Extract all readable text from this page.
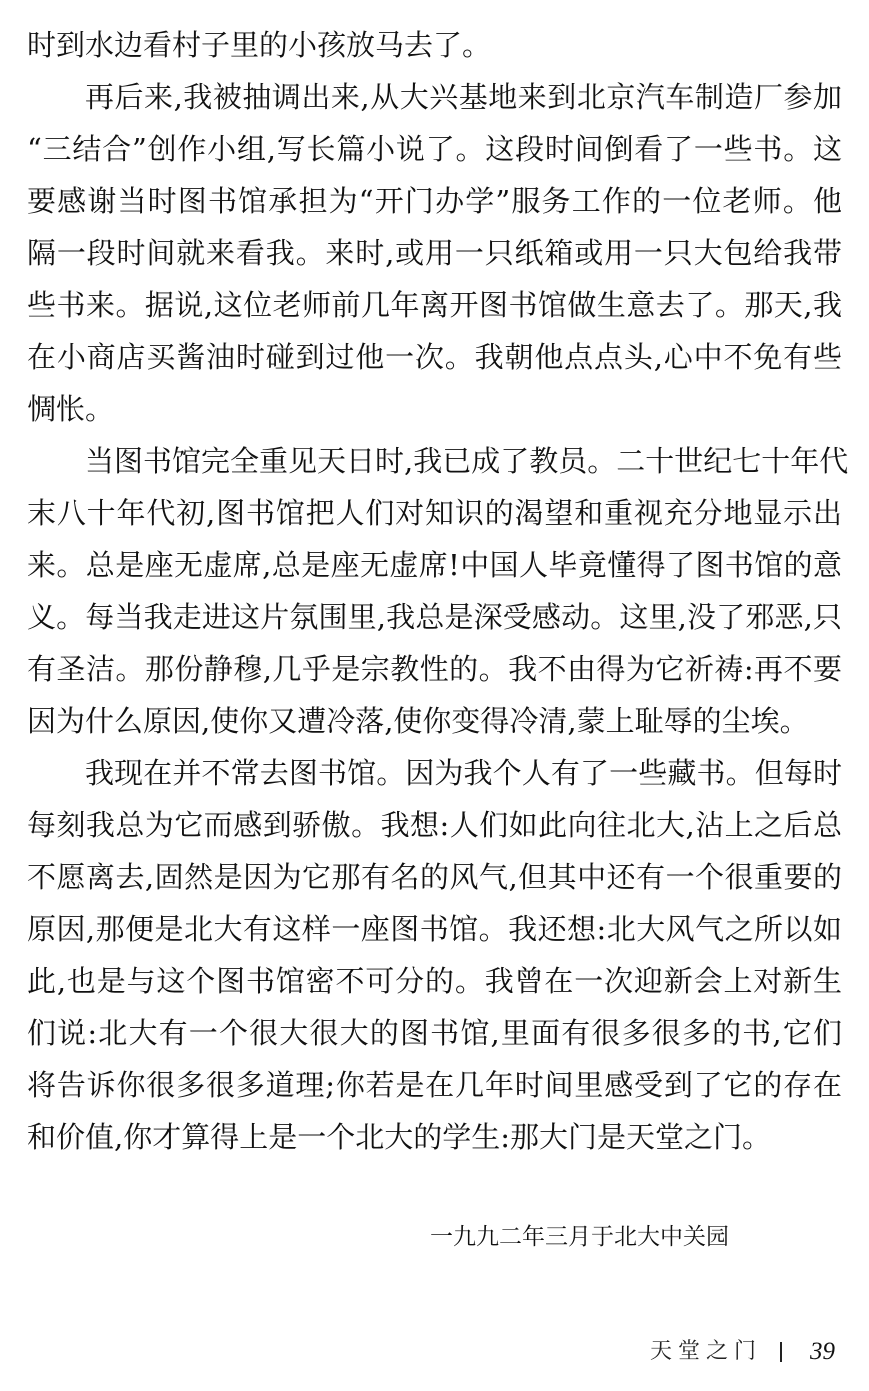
时到水边看村子里的小孩放马去了。
再后来,我被抽调出来,从大兴基地来到北京汽车制造厂参加
“三结合”创作小组,写长篇小说了。这段时间倒看了一些书。这
要感谢当时图书馆承担为“开门办学”服务工作的一位老师。他
隔一段时间就来看我。来时,或用一只纸箱或用一只大包给我带
些书来。据说,这位老师前几年离开图书馆做生意去了。那天,我
在小商店买酱油时碰到过他一次。我朝他点点头,心中不免有些
惆怅。
当图书馆完全重见天日时,我已成了教员。二十世纪七十年代
末八十年代初,图书馆把人们对知识的渴望和重视充分地显示出
来。总是座无虚席,总是座无虚席!中国人毕竟懂得了图书馆的意
义。每当我走进这片氛围里,我总是深受感动。这里,没了邪恶,只
有圣洁。那份静穆,几乎是宗教性的。我不由得为它祈祷:再不要
因为什么原因,使你又遭冷落,使你变得冷清,蒙上耻辱的尘埃。
我现在并不常去图书馆。因为我个人有了一些藏书。但每时
每刻我总为它而感到骄傲。我想:人们如此向往北大,沾上之后总
不愿离去,固然是因为它那有名的风气,但其中还有一个很重要的
原因,那便是北大有这样一座图书馆。我还想:北大风气之所以如
此,也是与这个图书馆密不可分的。我曾在一次迎新会上对新生
们说:北大有一个很大很大的图书馆,里面有很多很多的书,它们
将告诉你很多很多道理;你若是在几年时间里感受到了它的存在
和价值,你才算得上是一个北大的学生:那大门是天堂之门。
一九九二年三月于北大中关园
天堂之门 39
